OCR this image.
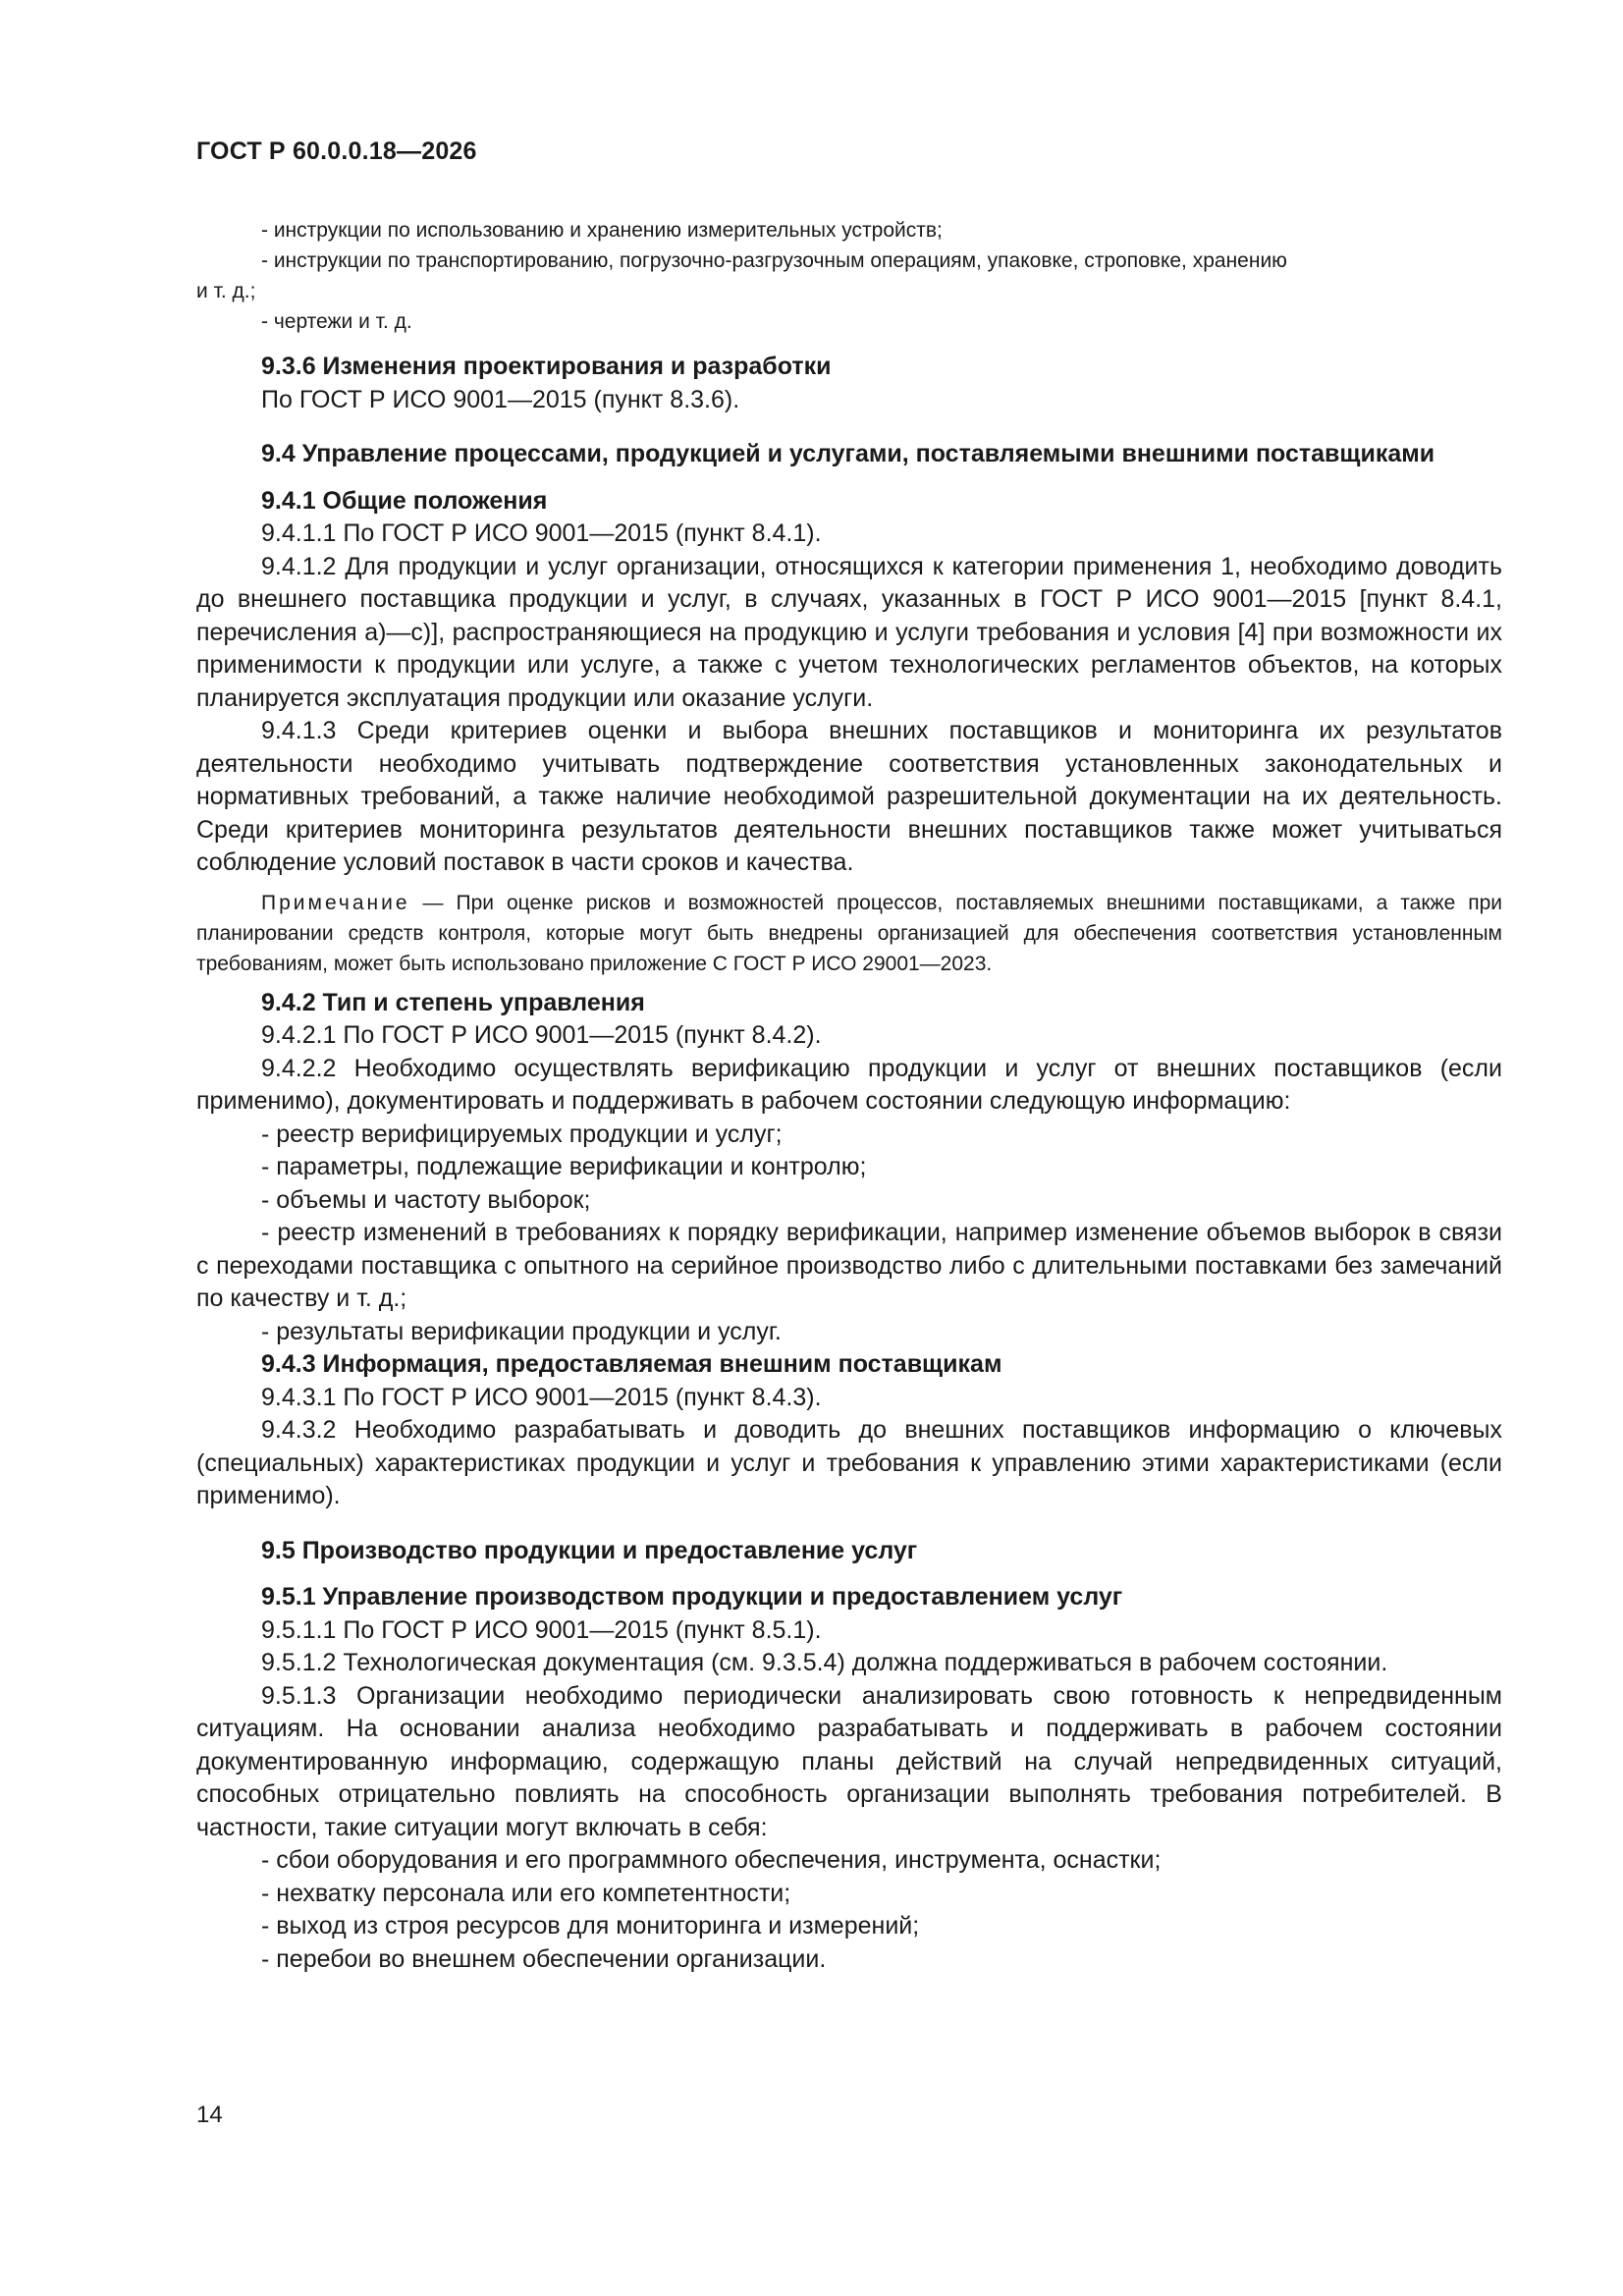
ГОСТ Р 60.0.0.18—2026

- инструкции по использованию и хранению измерительных устройств;

- инструкции по транспортированию, погрузочно-разгрузочным операциям, упаковке, строповке, хранению

и т. д.;

- чертежи и т. д.

9.3.6 Изменения проектирования и разработки

По ГОСТ Р ИСО 9001—2015 (пункт 8.3.6).

9.4 Управление процессами, продукцией и услугами, поставляемыми внешними поставщиками

9.4.1 Общие положения

9.4.1.1 По ГОСТ Р ИСО 9001—2015 (пункт 8.4.1).

9.4.1.2 Для продукции и услуг организации, относящихся к категории применения 1, необходимо доводить до внешнего поставщика продукции и услуг, в случаях, указанных в ГОСТ Р ИСО 9001—2015 [пункт 8.4.1, перечисления а)—с)], распространяющиеся на продукцию и услуги требования и условия [4] при возможности их применимости к продукции или услуге, а также с учетом технологических регламентов объектов, на которых планируется эксплуатация продукции или оказание услуги.

9.4.1.3 Среди критериев оценки и выбора внешних поставщиков и мониторинга их результатов деятельности необходимо учитывать подтверждение соответствия установленных законодательных и нормативных требований, а также наличие необходимой разрешительной документации на их деятельность. Среди критериев мониторинга результатов деятельности внешних поставщиков также может учитываться соблюдение условий поставок в части сроков и качества.

Примечание — При оценке рисков и возможностей процессов, поставляемых внешними поставщиками, а также при планировании средств контроля, которые могут быть внедрены организацией для обеспечения соответствия установленным требованиям, может быть использовано приложение С ГОСТ Р ИСО 29001—2023.

9.4.2 Тип и степень управления

9.4.2.1 По ГОСТ Р ИСО 9001—2015 (пункт 8.4.2).

9.4.2.2 Необходимо осуществлять верификацию продукции и услуг от внешних поставщиков (если применимо), документировать и поддерживать в рабочем состоянии следующую информацию:

- реестр верифицируемых продукции и услуг;

- параметры, подлежащие верификации и контролю;

- объемы и частоту выборок;

- реестр изменений в требованиях к порядку верификации, например изменение объемов выборок в связи с переходами поставщика с опытного на серийное производство либо с длительными поставками без замечаний по качеству и т. д.;

- результаты верификации продукции и услуг.

9.4.3 Информация, предоставляемая внешним поставщикам

9.4.3.1 По ГОСТ Р ИСО 9001—2015 (пункт 8.4.3).

9.4.3.2 Необходимо разрабатывать и доводить до внешних поставщиков информацию о ключевых (специальных) характеристиках продукции и услуг и требования к управлению этими характеристиками (если применимо).

9.5 Производство продукции и предоставление услуг

9.5.1 Управление производством продукции и предоставлением услуг

9.5.1.1 По ГОСТ Р ИСО 9001—2015 (пункт 8.5.1).

9.5.1.2 Технологическая документация (см. 9.3.5.4) должна поддерживаться в рабочем состоянии.

9.5.1.3 Организации необходимо периодически анализировать свою готовность к непредвиденным ситуациям. На основании анализа необходимо разрабатывать и поддерживать в рабочем состоянии документированную информацию, содержащую планы действий на случай непредвиденных ситуаций, способных отрицательно повлиять на способность организации выполнять требования потребителей. В частности, такие ситуации могут включать в себя:

- сбои оборудования и его программного обеспечения, инструмента, оснастки;

- нехватку персонала или его компетентности;

- выход из строя ресурсов для мониторинга и измерений;

- перебои во внешнем обеспечении организации.

14
